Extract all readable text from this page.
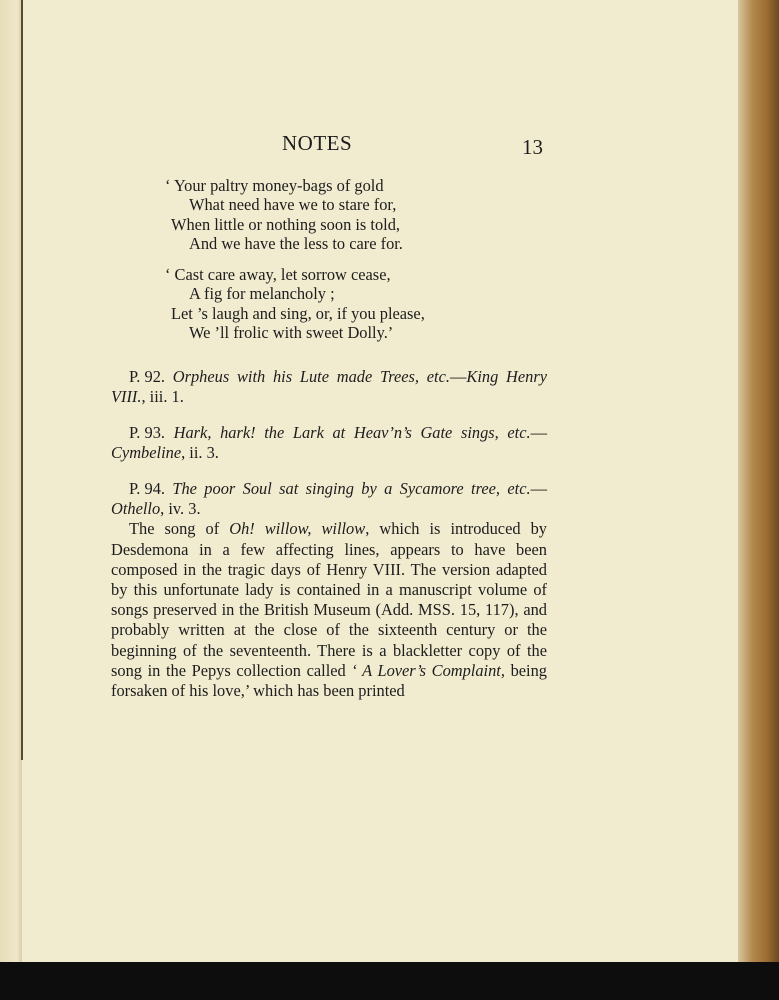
NOTES	13
‘ Your paltry money-bags of gold
What need have we to stare for,
When little or nothing soon is told,
And we have the less to care for.
‘ Cast care away, let sorrow cease,
A fig for melancholy ;
Let ’s laugh and sing, or, if you please,
We ’ll frolic with sweet Dolly.’

P. 92. Orpheus with his Lute made Trees, etc.—King Henry VIII., iii. 1.

P. 93. Hark, hark! the Lark at Heav’n’s Gate sings, etc.—Cymbeline, ii. 3.

P. 94. The poor Soul sat singing by a Sycamore tree, etc.—Othello, iv. 3.

The song of Oh! willow, willow, which is introduced by Desdemona in a few affecting lines, appears to have been composed in the tragic days of Henry VIII. The version adapted by this unfortunate lady is contained in a manuscript volume of songs preserved in the British Museum (Add. MSS. 15, 117), and probably written at the close of the sixteenth century or the beginning of the seventeenth. There is a blackletter copy of the song in the Pepys collection called ‘ A Lover’s Complaint, being forsaken of his love,’ which has been printed
